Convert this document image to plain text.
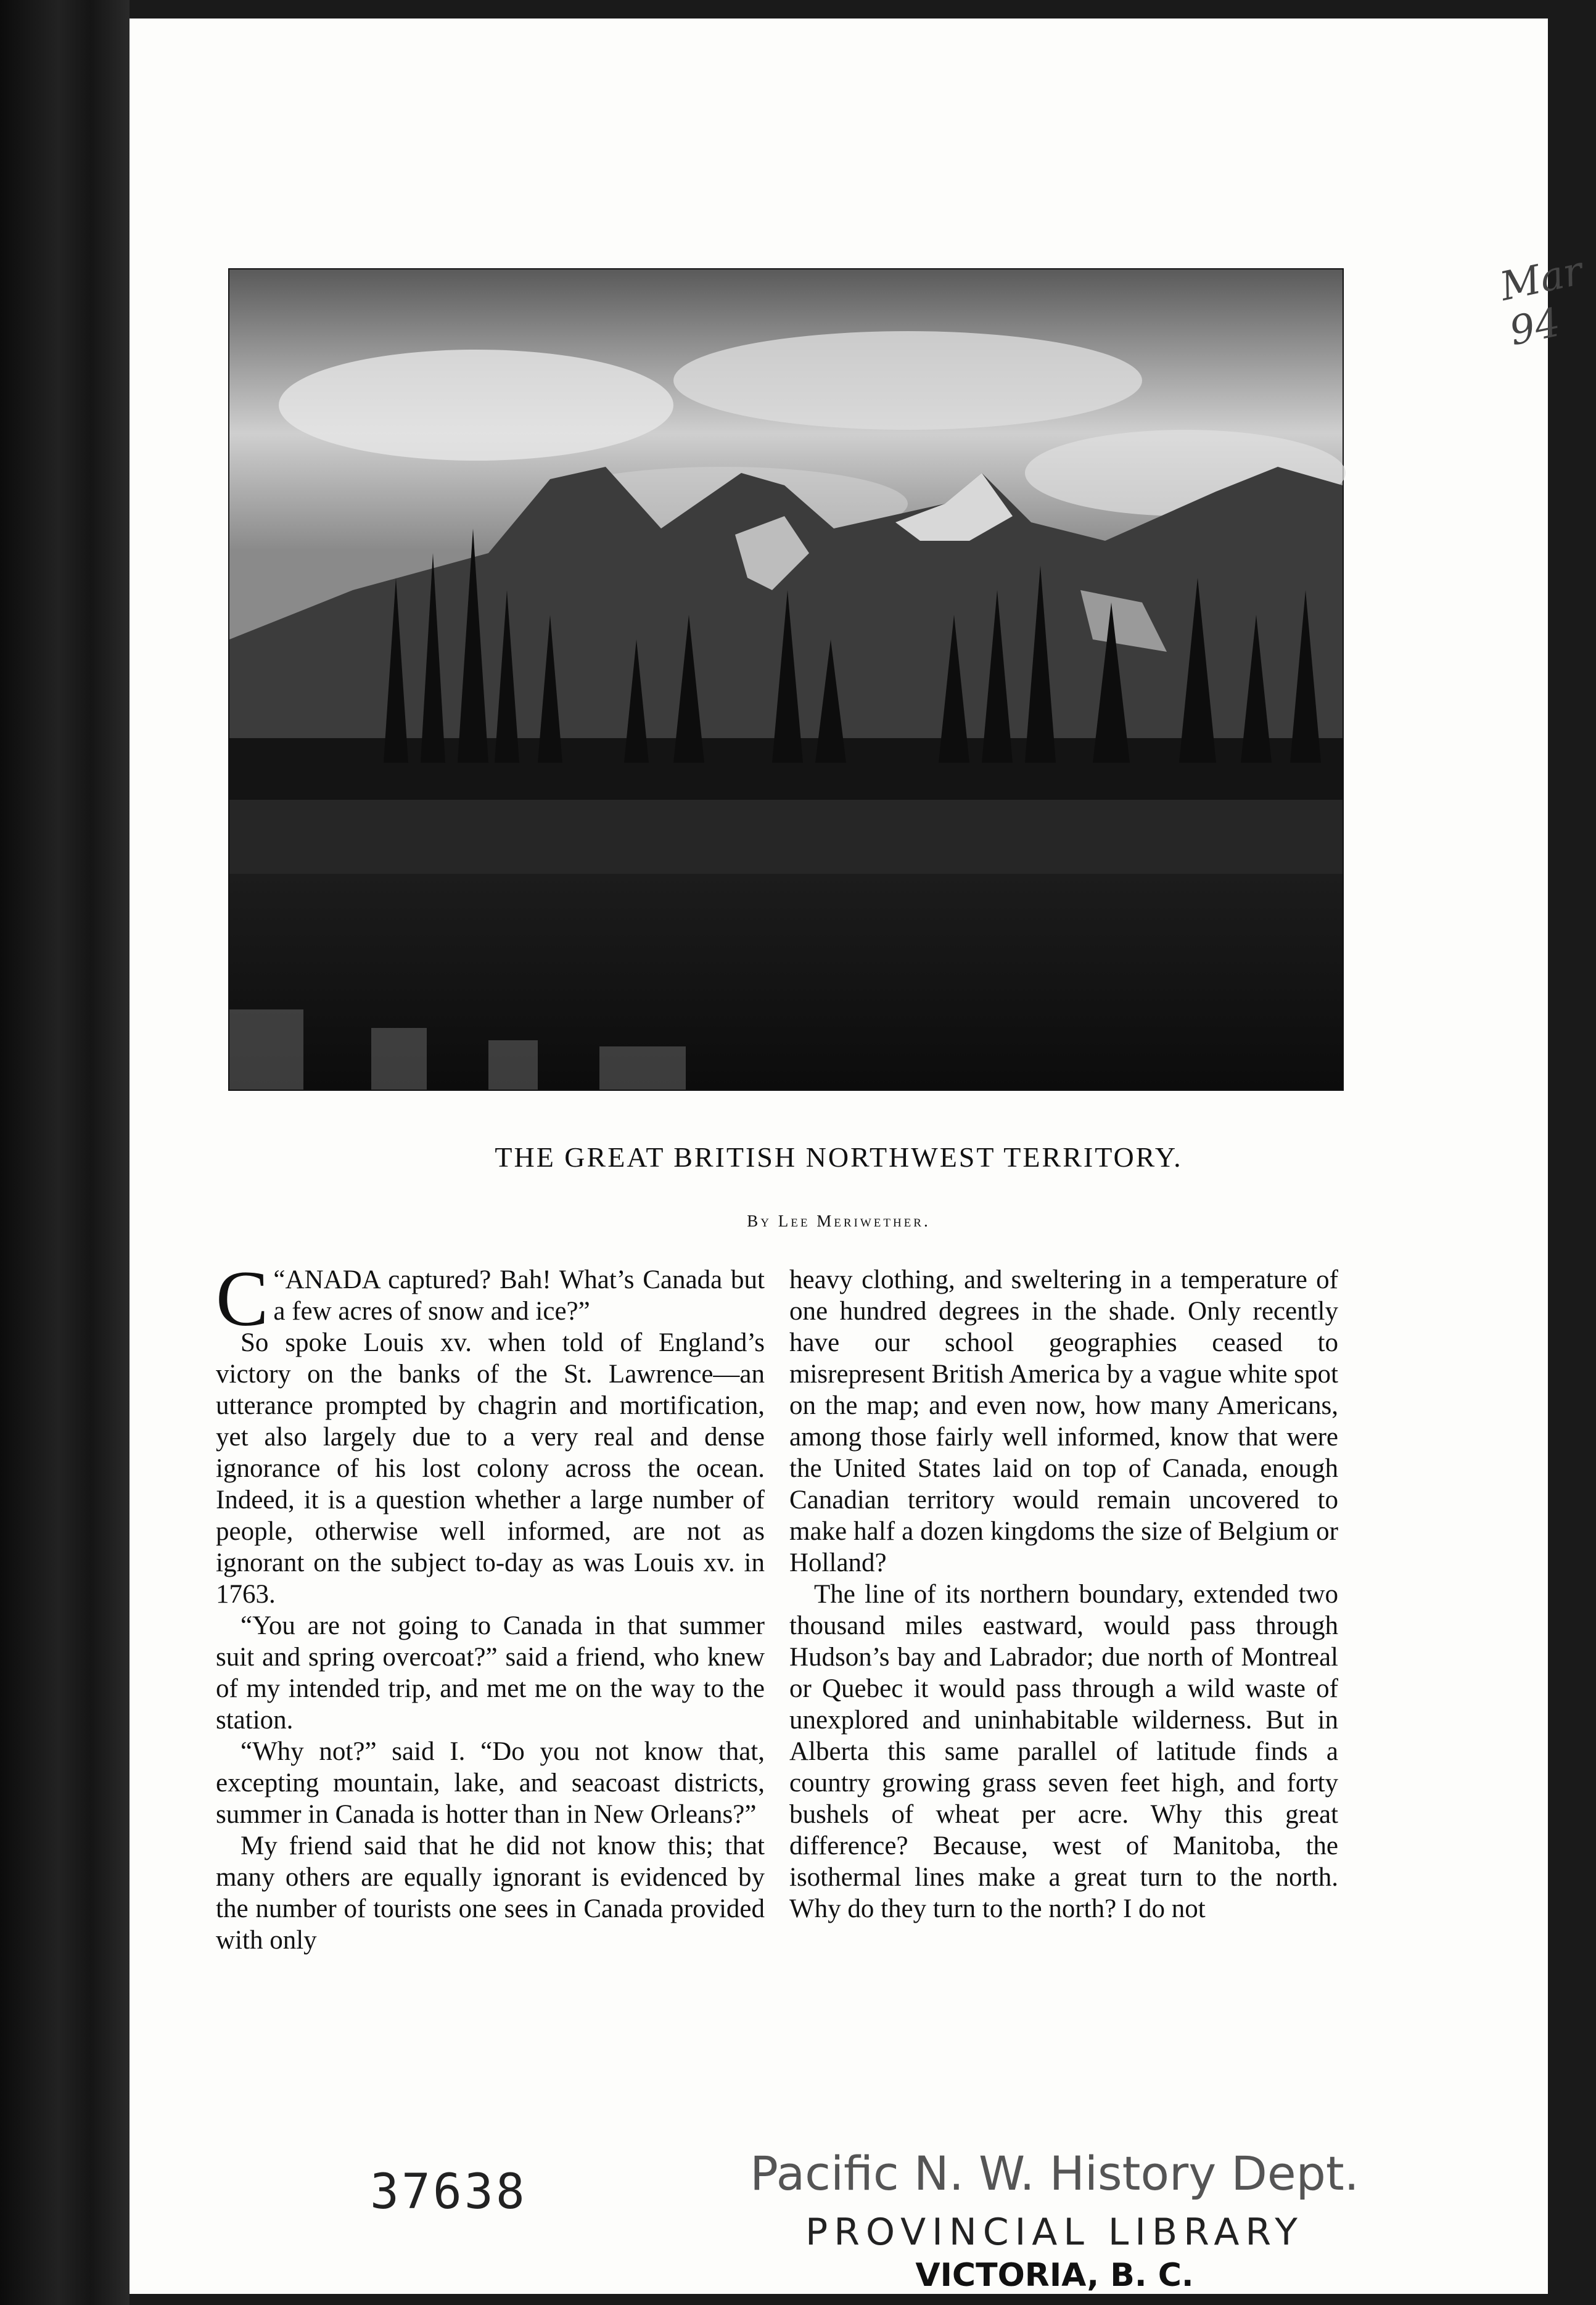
Mar 94
THE GREAT BRITISH NORTHWEST TERRITORY.
By Lee Meriwether.

“
C ANADA captured? Bah! What’s Canada but a few acres of snow and ice?”

So spoke Louis xv. when told of England’s victory on the banks of the St. Lawrence—an utterance prompted by chagrin and mortification, yet also largely due to a very real and dense ignorance of his lost colony across the ocean. Indeed, it is a question whether a large number of people, otherwise well informed, are not as ignorant on the subject to-day as was Louis xv. in 1763.

“You are not going to Canada in that summer suit and spring overcoat?” said a friend, who knew of my intended trip, and met me on the way to the station.

“Why not?” said I. “Do you not know that, excepting mountain, lake, and seacoast districts, summer in Canada is hotter than in New Orleans?”

My friend said that he did not know this; that many others are equally ignorant is evidenced by the number of tourists one sees in Canada provided with only

heavy clothing, and sweltering in a temperature of one hundred degrees in the shade. Only recently have our school geographies ceased to misrepresent British America by a vague white spot on the map; and even now, how many Americans, among those fairly well informed, know that were the United States laid on top of Canada, enough Canadian territory would remain uncovered to make half a dozen kingdoms the size of Belgium or Holland?

The line of its northern boundary, extended two thousand miles eastward, would pass through Hudson’s bay and Labrador; due north of Montreal or Quebec it would pass through a wild waste of unexplored and uninhabitable wilderness. But in Alberta this same parallel of latitude finds a country growing grass seven feet high, and forty bushels of wheat per acre. Why this great difference? Because, west of Manitoba, the isothermal lines make a great turn to the north. Why do they turn to the north? I do not

37638	Pacific N. W. History Dept.
PROVINCIAL LIBRARY
VICTORIA, B. C.
